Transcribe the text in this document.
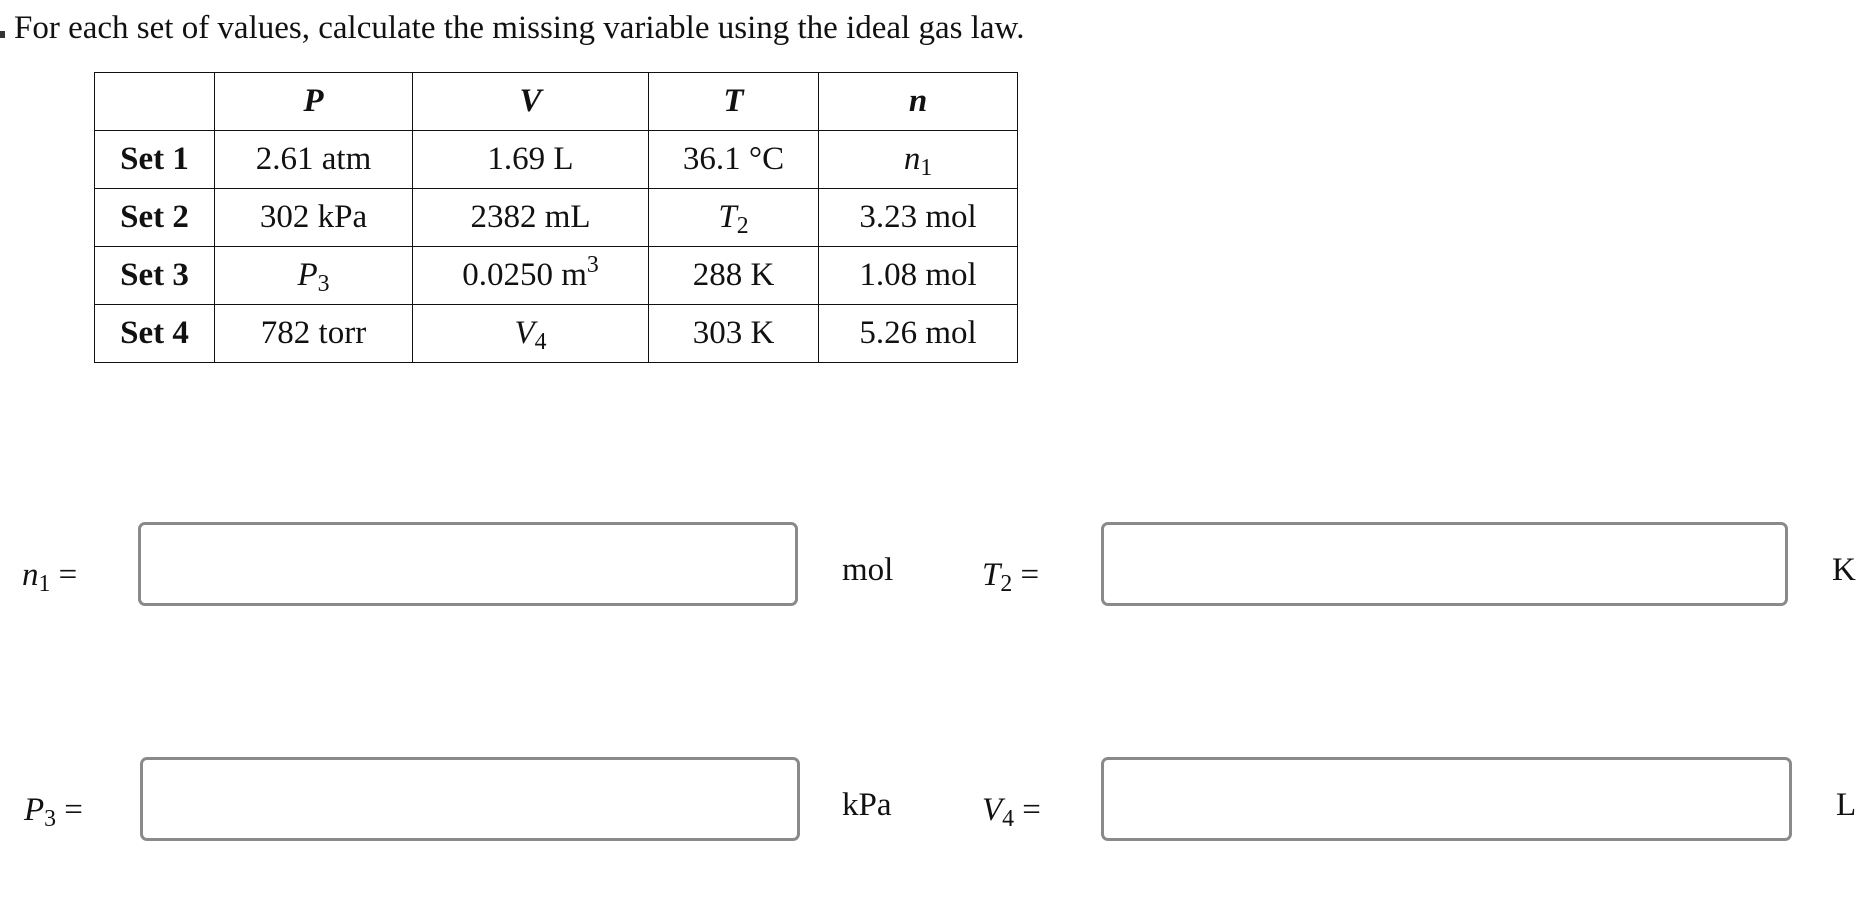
For each set of values, calculate the missing variable using the ideal gas law.
	P	V	T	n
Set 1	2.61 atm	1.69 L	36.1 °C	$n_1$
Set 2	302 kPa	2382 mL	$T_2$	3.23 mol
Set 3	$P_3$	0.0250 $m^3$	288 K	1.08 mol
Set 4	782 torr	$V_4$	303 K	5.26 mol
$n_1$ =	mol	$T_2$ =	K
$P_3$ =	kPa	$V_4$ =	L
